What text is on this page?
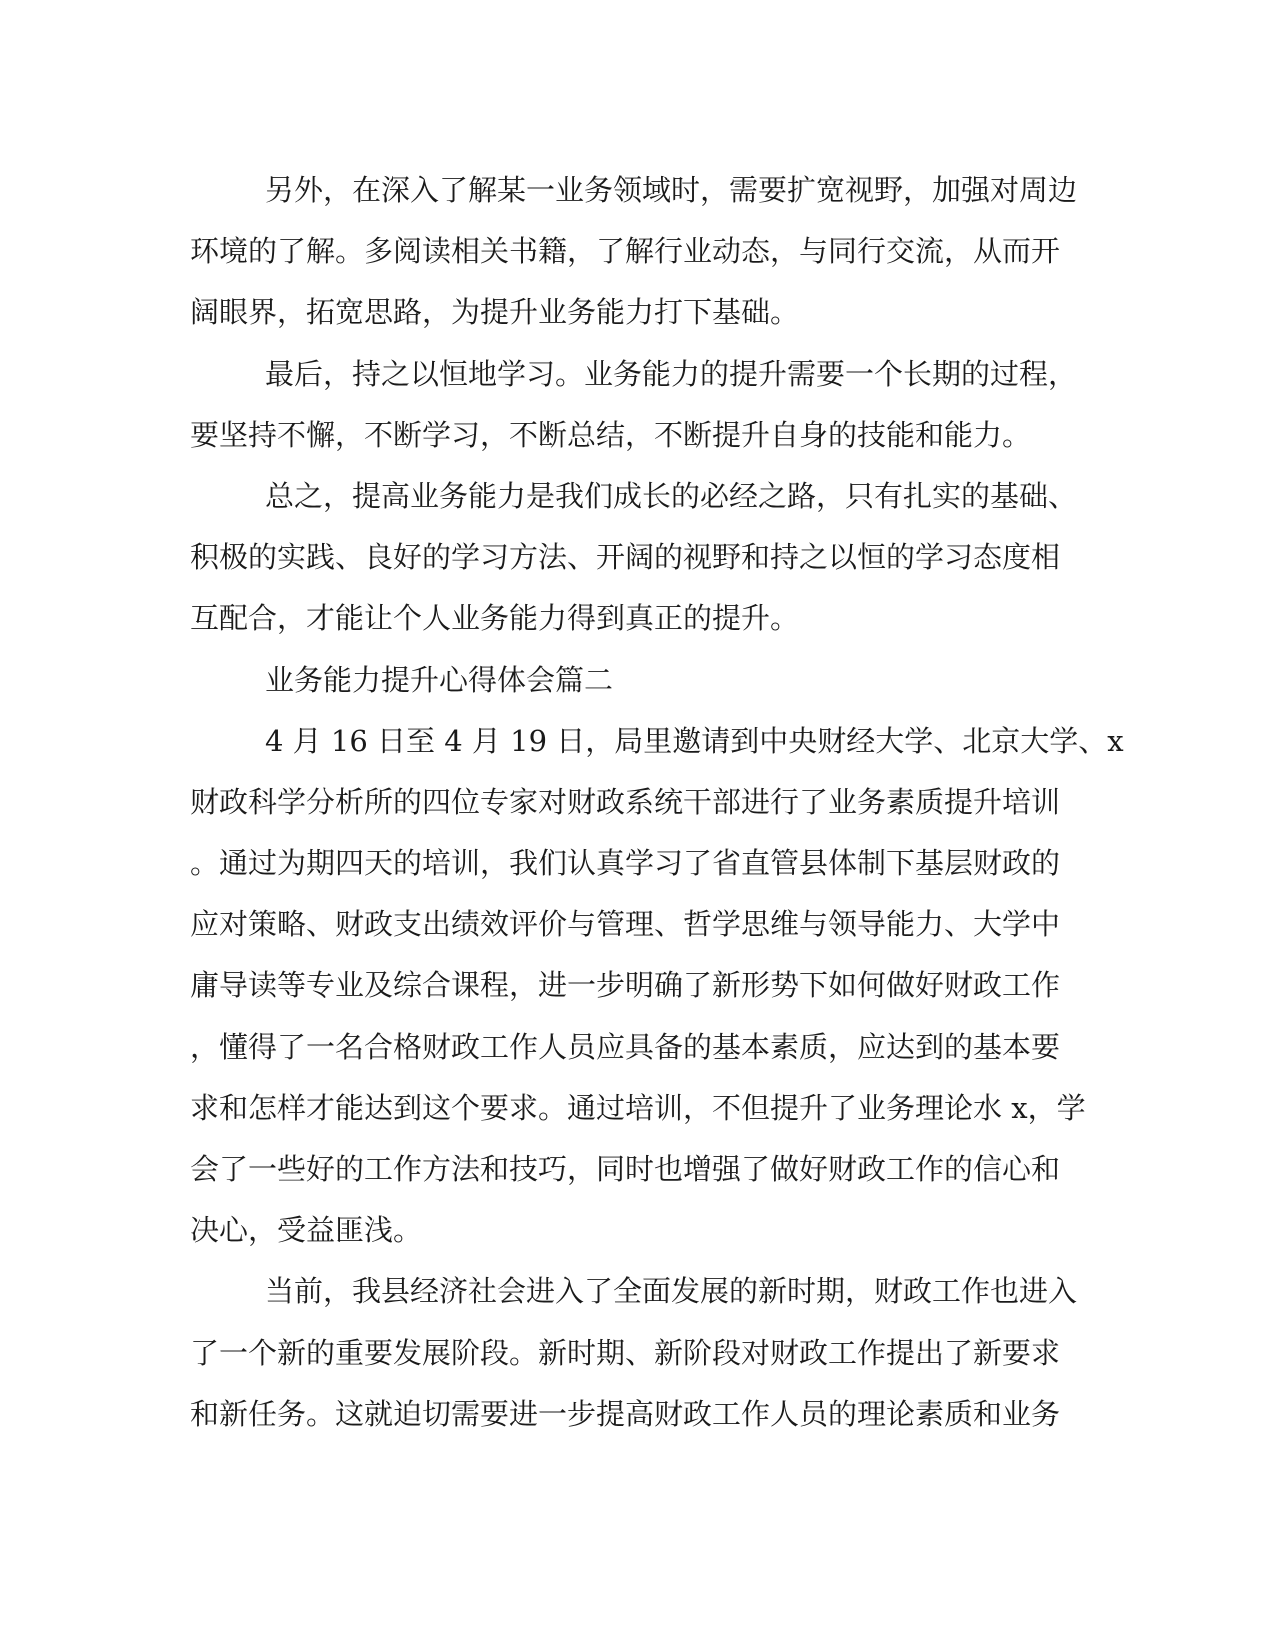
另外，在深入了解某一业务领域时，需要扩宽视野，加强对周边
环境的了解。多阅读相关书籍，了解行业动态，与同行交流，从而开
阔眼界，拓宽思路，为提升业务能力打下基础。
最后，持之以恒地学习。业务能力的提升需要一个长期的过程，
要坚持不懈，不断学习，不断总结，不断提升自身的技能和能力。
总之，提高业务能力是我们成长的必经之路，只有扎实的基础、
积极的实践、良好的学习方法、开阔的视野和持之以恒的学习态度相
互配合，才能让个人业务能力得到真正的提升。
业务能力提升心得体会篇二
4 月 16 日至 4 月 19 日，局里邀请到中央财经大学、北京大学、x
财政科学分析所的四位专家对财政系统干部进行了业务素质提升培训
。通过为期四天的培训，我们认真学习了省直管县体制下基层财政的
应对策略、财政支出绩效评价与管理、哲学思维与领导能力、大学中
庸导读等专业及综合课程，进一步明确了新形势下如何做好财政工作
，懂得了一名合格财政工作人员应具备的基本素质，应达到的基本要
求和怎样才能达到这个要求。通过培训，不但提升了业务理论水 x，学
会了一些好的工作方法和技巧，同时也增强了做好财政工作的信心和
决心，受益匪浅。
当前，我县经济社会进入了全面发展的新时期，财政工作也进入
了一个新的重要发展阶段。新时期、新阶段对财政工作提出了新要求
和新任务。这就迫切需要进一步提高财政工作人员的理论素质和业务
